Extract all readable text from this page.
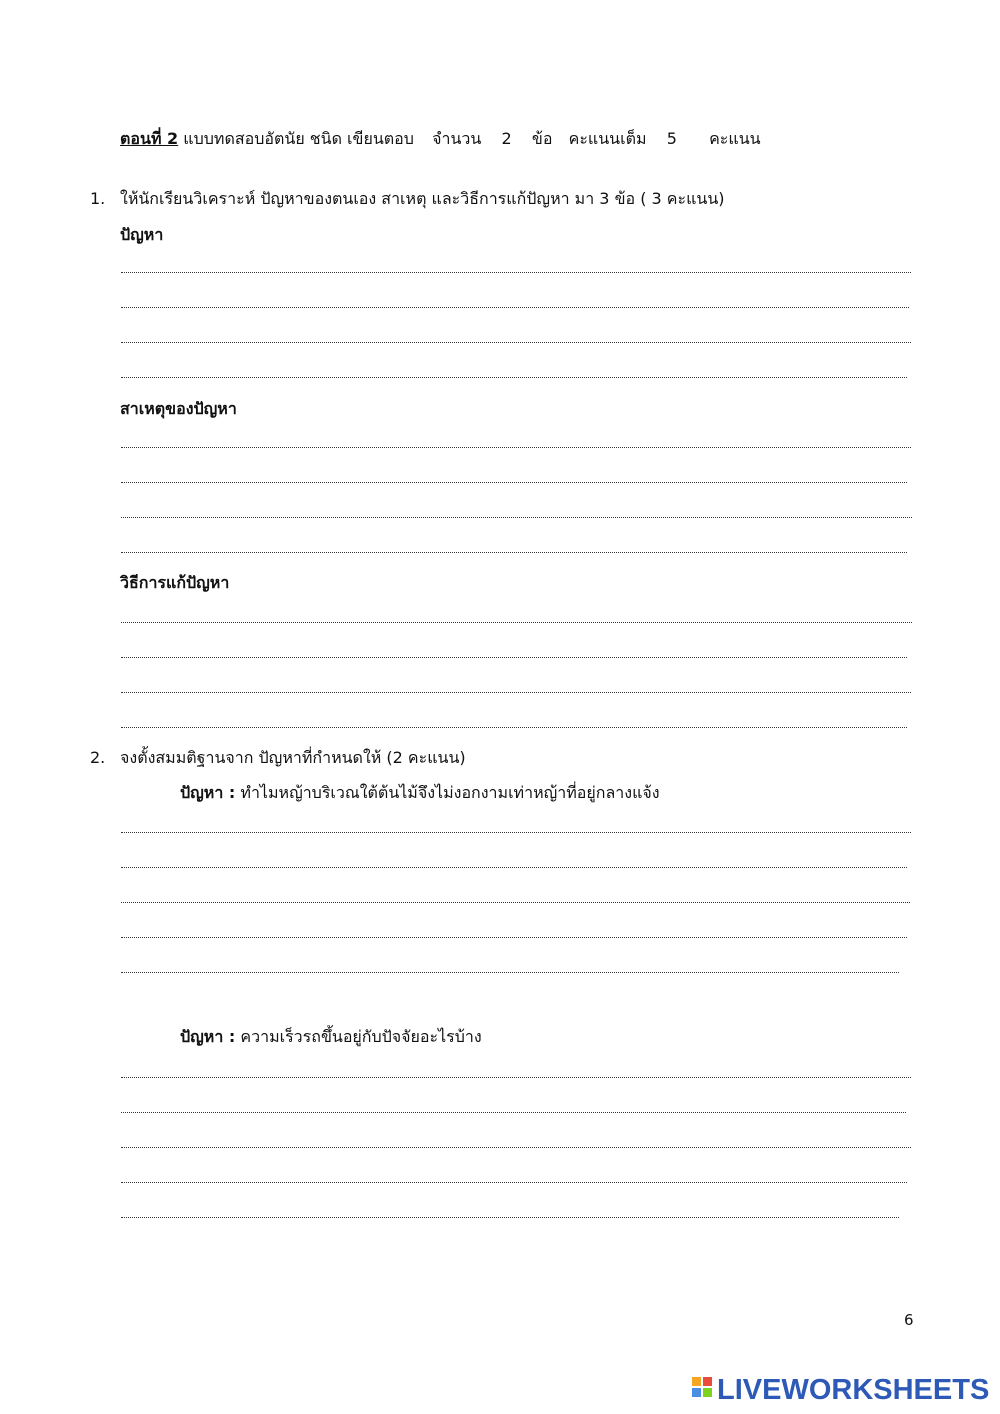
ตอนที่ 2 แบบทดสอบอัตนัย ชนิด เขียนตอบ จำนวน 2 ข้อ คะแนนเต็ม 5 คะแนน
1. ให้นักเรียนวิเคราะห์ ปัญหาของตนเอง สาเหตุ และวิธีการแก้ปัญหา มา 3 ข้อ ( 3 คะแนน)
ปัญหา
สาเหตุของปัญหา
วิธีการแก้ปัญหา
2. จงตั้งสมมติฐานจาก ปัญหาที่กำหนดให้ (2 คะแนน)
ปัญหา : ทำไมหญ้าบริเวณใต้ต้นไม้จึงไม่งอกงามเท่าหญ้าที่อยู่กลางแจ้ง
ปัญหา : ความเร็วรถขึ้นอยู่กับปัจจัยอะไรบ้าง
6
LIVEWORKSHEETS
